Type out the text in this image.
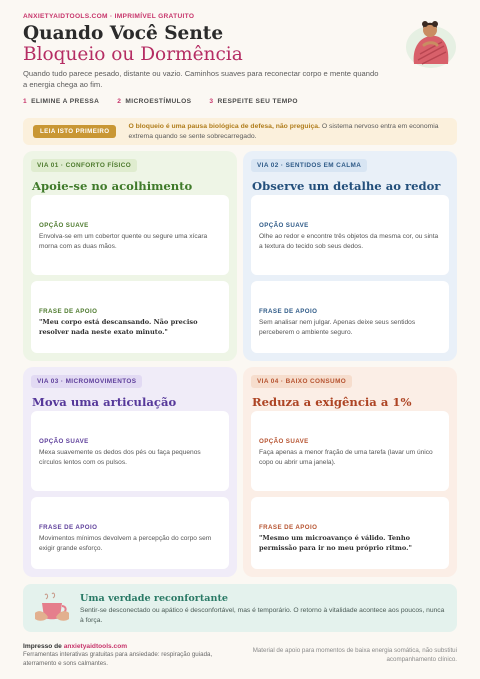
ANXIETYAIDTOOLS.COM · IMPRIMÍVEL GRATUITO
Quando Você Sente
Bloqueio ou Dormência
Quando tudo parece pesado, distante ou vazio. Caminhos suaves para reconectar corpo e mente quando a energia chega ao fim.
1 ELIMINE A PRESSA	2 MICROESTÍMULOS	3 RESPEITE SEU TEMPO
LEIA ISTO PRIMEIRO
O bloqueio é uma pausa biológica de defesa, não preguiça. O sistema nervoso entra em economia extrema quando se sente sobrecarregado.
VIA 01 · CONFORTO FÍSICO
Apoie-se no acolhimento
OPÇÃO SUAVE
Envolva-se em um cobertor quente ou segure uma xícara morna com as duas mãos.
FRASE DE APOIO
"Meu corpo está descansando. Não preciso resolver nada neste exato minuto."
VIA 02 · SENTIDOS EM CALMA
Observe um detalhe ao redor
OPÇÃO SUAVE
Olhe ao redor e encontre três objetos da mesma cor, ou sinta a textura do tecido sob seus dedos.
FRASE DE APOIO
Sem analisar nem julgar. Apenas deixe seus sentidos perceberem o ambiente seguro.
VIA 03 · MICROMOVIMENTOS
Mova uma articulação
OPÇÃO SUAVE
Mexa suavemente os dedos dos pés ou faça pequenos círculos lentos com os pulsos.
FRASE DE APOIO
Movimentos mínimos devolvem a percepção do corpo sem exigir grande esforço.
VIA 04 · BAIXO CONSUMO
Reduza a exigência a 1%
OPÇÃO SUAVE
Faça apenas a menor fração de uma tarefa (lavar um único copo ou abrir uma janela).
FRASE DE APOIO
"Mesmo um microavanço é válido. Tenho permissão para ir no meu próprio ritmo."
Uma verdade reconfortante
Sentir-se desconectado ou apático é desconfortável, mas é temporário. O retorno à vitalidade acontece aos poucos, nunca à força.
Impresso de anxietyaidtools.com
Ferramentas interativas gratuitas para ansiedade: respiração guiada, aterramento e sons calmantes.
Material de apoio para momentos de baixa energia somática, não substitui acompanhamento clínico.
